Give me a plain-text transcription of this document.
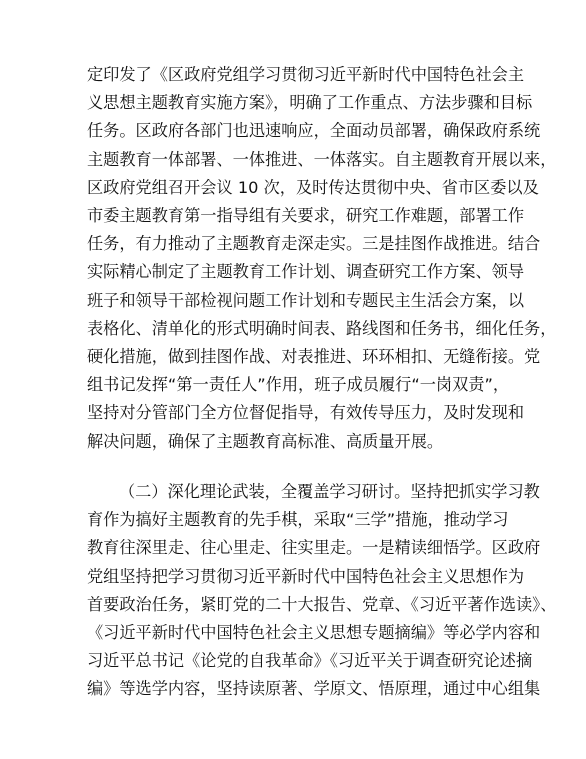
定印发了《区政府党组学习贯彻习近平新时代中国特色社会主
义思想主题教育实施方案》，明确了工作重点、方法步骤和目标
任务。区政府各部门也迅速响应，全面动员部署，确保政府系统
主题教育一体部署、一体推进、一体落实。自主题教育开展以来，
区政府党组召开会议 10 次，及时传达贯彻中央、省市区委以及
市委主题教育第一指导组有关要求，研究工作难题，部署工作
任务，有力推动了主题教育走深走实。三是挂图作战推进。结合
实际精心制定了主题教育工作计划、调查研究工作方案、领导
班子和领导干部检视问题工作计划和专题民主生活会方案，以
表格化、清单化的形式明确时间表、路线图和任务书，细化任务，
硬化措施，做到挂图作战、对表推进、环环相扣、无缝衔接。党
组书记发挥“第一责任人”作用，班子成员履行“一岗双责”，
坚持对分管部门全方位督促指导，有效传导压力，及时发现和
解决问题，确保了主题教育高标准、高质量开展。
（二）深化理论武装，全覆盖学习研讨。坚持把抓实学习教
育作为搞好主题教育的先手棋，采取“三学”措施，推动学习
教育往深里走、往心里走、往实里走。一是精读细悟学。区政府
党组坚持把学习贯彻习近平新时代中国特色社会主义思想作为
首要政治任务，紧盯党的二十大报告、党章、《习近平著作选读》、
《习近平新时代中国特色社会主义思想专题摘编》等必学内容和
习近平总书记《论党的自我革命》《习近平关于调查研究论述摘
编》等选学内容，坚持读原著、学原文、悟原理，通过中心组集
